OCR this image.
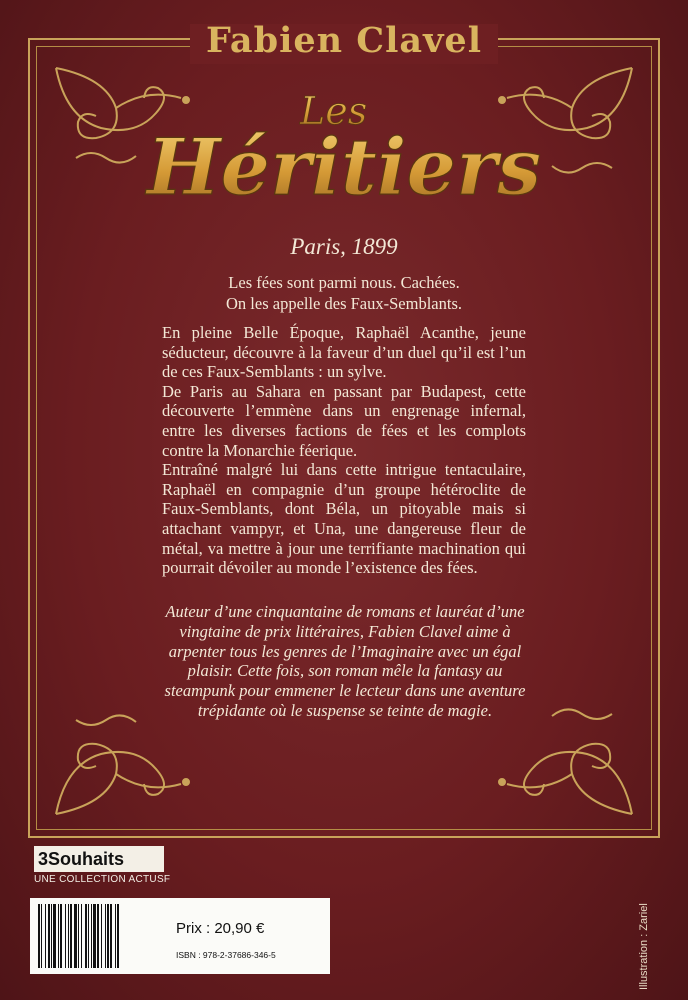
Fabien Clavel
Les
Héritiers
Paris, 1899
Les fées sont parmi nous. Cachées.
On les appelle des Faux-Semblants.

En pleine Belle Époque, Raphaël Acanthe, jeune séducteur, découvre à la faveur d’un duel qu’il est l’un de ces Faux-Semblants : un sylve.

De Paris au Sahara en passant par Budapest, cette découverte l’emmène dans un engrenage infernal, entre les diverses factions de fées et les complots contre la Monarchie féerique.

Entraîné malgré lui dans cette intrigue tentaculaire, Raphaël en compagnie d’un groupe hétéroclite de Faux-Semblants, dont Béla, un pitoyable mais si attachant vampyr, et Una, une dangereuse fleur de métal, va mettre à jour une terrifiante machination qui pourrait dévoiler au monde l’existence des fées.

Auteur d’une cinquantaine de romans et lauréat d’une vingtaine de prix littéraires, Fabien Clavel aime à arpenter tous les genres de l’Imaginaire avec un égal plaisir. Cette fois, son roman mêle la fantasy au steampunk pour emmener le lecteur dans une aventure trépidante où le suspense se teinte de magie.
3Souhaits
UNE COLLECTION ACTUSF
Prix : 20,90 €
ISBN : 978-2-37686-346-5	Illustration : Zariel
